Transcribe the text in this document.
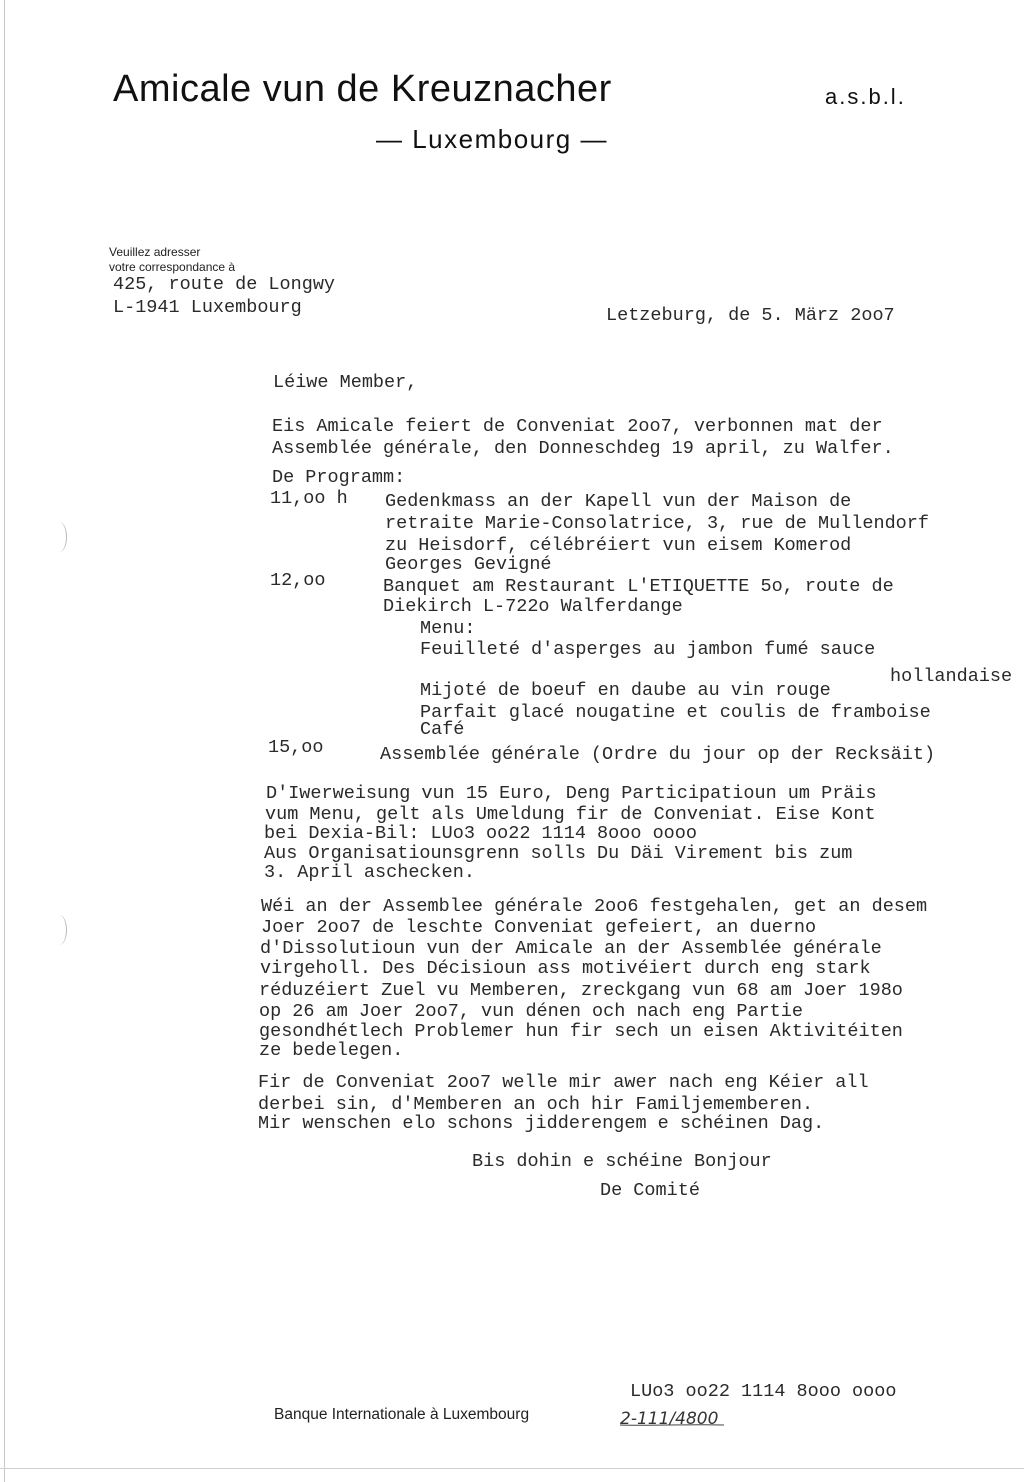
Amicale vun de Kreuznacher	a.s.b.l.
— Luxembourg —
Veuillez adresser
votre correspondance à
425, route de Longwy
L-1941 Luxembourg	Letzeburg, de 5. März 2oo7
Léiwe Member,
Eis Amicale feiert de Conveniat 2oo7, verbonnen mat der
Assemblée générale, den Donneschdeg 19 april, zu Walfer.
De Programm:
11,oo h Gedenkmass an der Kapell vun der Maison de
retraite Marie-Consolatrice, 3, rue de Mullendorf
zu Heisdorf, célébréiert vun eisem Komerod
Georges Gevigné
12,oo	Banquet am Restaurant L'ETIQUETTE 5o, route de
Diekirch L-722o Walferdange
Menu:
Feuilleté d'asperges au jambon fumé sauce
hollandaise
Mijoté de boeuf en daube au vin rouge
Parfait glacé nougatine et coulis de framboise
Café
15,oo	Assemblée générale (Ordre du jour op der Recksäit)
D'Iwerweisung vun 15 Euro, Deng Participatioun um Präis
vum Menu, gelt als Umeldung fir de Conveniat. Eise Kont
bei Dexia-Bil: LUo3 oo22 1114 8ooo oooo
Aus Organisatiounsgrenn solls Du Däi Virement bis zum
3. April aschecken.
Wéi an der Assemblee générale 2oo6 festgehalen, get an desem
Joer 2oo7 de leschte Conveniat gefeiert, an duerno
d'Dissolutioun vun der Amicale an der Assemblée générale
virgeholl. Des Décisioun ass motivéiert durch eng stark
réduzéiert Zuel vu Memberen, zreckgang vun 68 am Joer 198o
op 26 am Joer 2oo7, vun dénen och nach eng Partie
gesondhétlech Problemer hun fir sech un eisen Aktivitéiten
ze bedelegen.
Fir de Conveniat 2oo7 welle mir awer nach eng Kéier all
derbei sin, d'Memberen an och hir Familjememberen.
Mir wenschen elo schons jidderengem e schéinen Dag.
Bis dohin e schéine Bonjour
De Comité
LUo3 oo22 1114 8ooo oooo
Banque Internationale à Luxembourg	2-111/4800
